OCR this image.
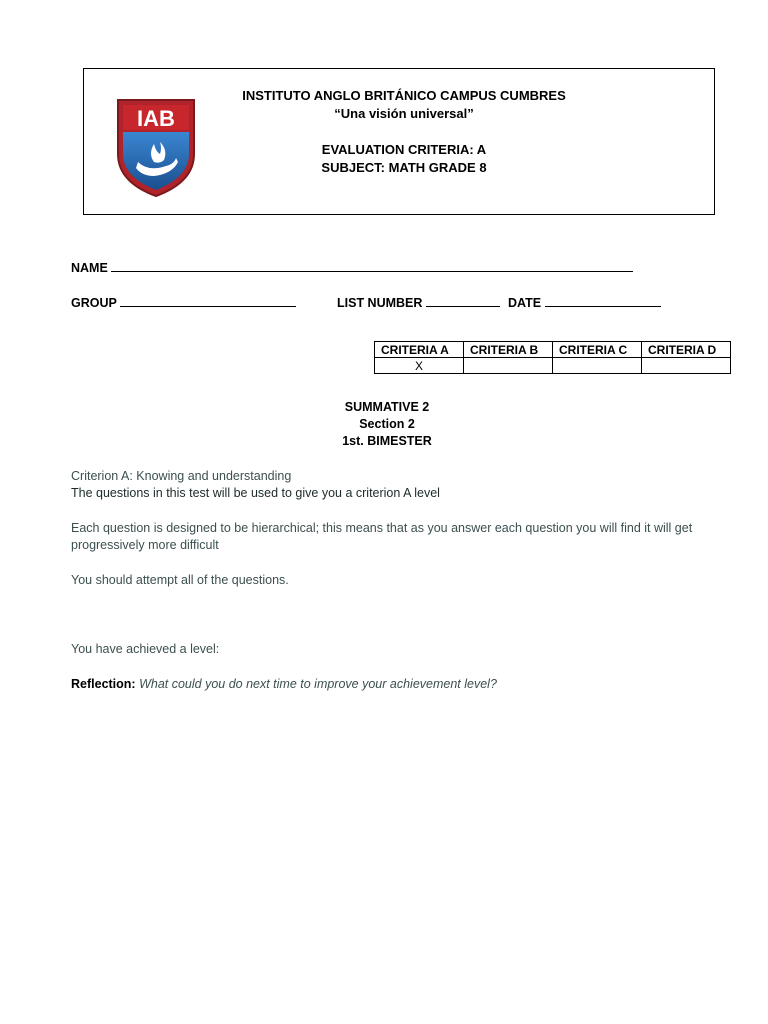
IAB
INSTITUTO ANGLO BRITÁNICO CAMPUS CUMBRES
“Una visión universal”
EVALUATION CRITERIA: A
SUBJECT: MATH GRADE 8
NAME
GROUP	LIST NUMBER	DATE
CRITERIA A	CRITERIA B	CRITERIA C	CRITERIA D
X			
SUMMATIVE 2
Section 2
1st. BIMESTER
Criterion A: Knowing and understanding
The questions in this test will be used to give you a criterion A level
Each question is designed to be hierarchical; this means that as you answer each question you will find it will get progressively more difficult
You should attempt all of the questions.
You have achieved a level:
Reflection: What could you do next time to improve your achievement level?
